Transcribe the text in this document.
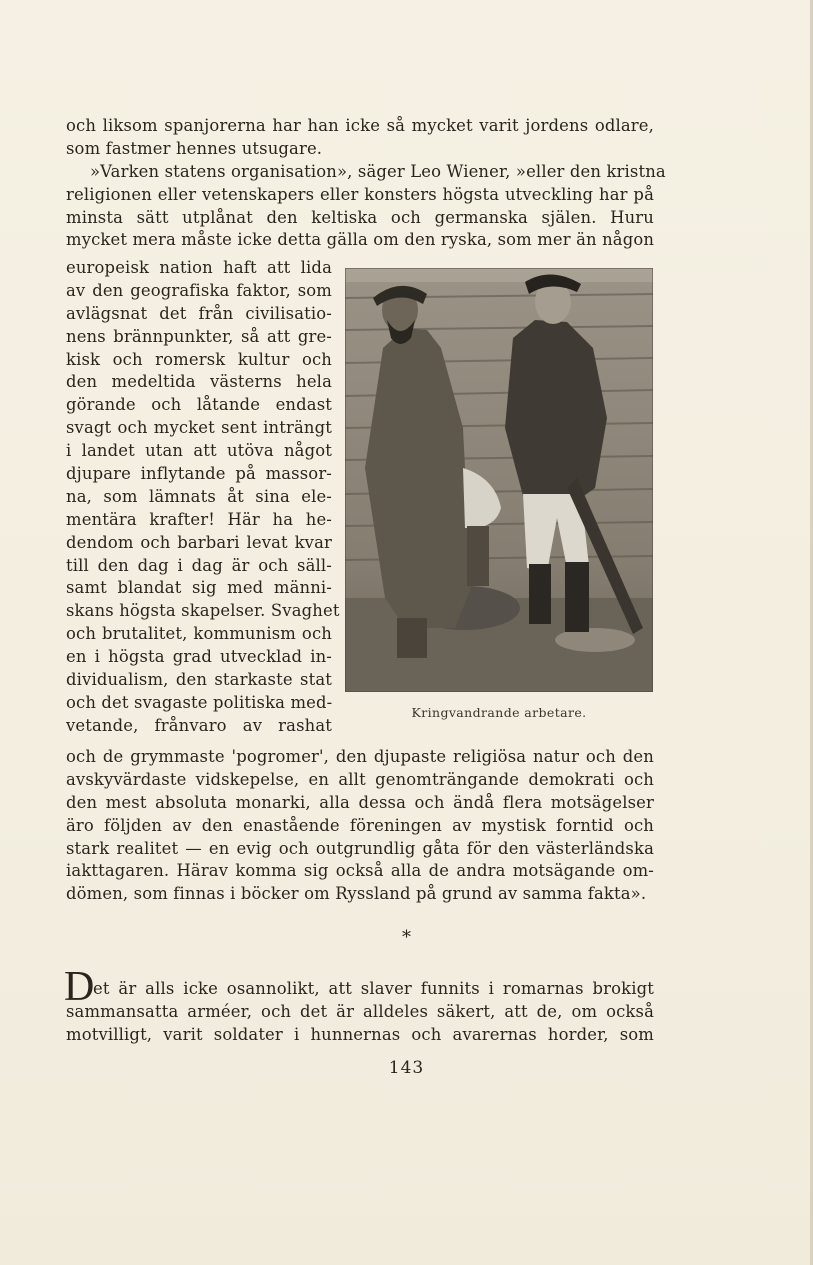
och liksom spanjorerna har han icke så mycket varit jordens odlare,
som fastmer hennes utsugare.
»Varken statens organisation», säger Leo Wiener, »eller den kristna
religionen eller vetenskapers eller konsters högsta utveckling har på
minsta sätt utplånat den keltiska och germanska själen. Huru
mycket mera måste icke detta gälla om den ryska, som mer än någon
europeisk nation haft att lida
av den geografiska faktor, som
avlägsnat det från civilisatio-
nens brännpunkter, så att gre-
kisk och romersk kultur och
den medeltida västerns hela
görande och låtande endast
svagt och mycket sent inträngt
i landet utan att utöva något
djupare inflytande på massor-
na, som lämnats åt sina ele-
mentära krafter! Här ha he-
dendom och barbari levat kvar
till den dag i dag är och säll-
samt blandat sig med männi-
skans högsta skapelser. Svaghet
och brutalitet, kommunism och
en i högsta grad utvecklad in-
dividualism, den starkaste stat
och det svagaste politiska med-
vetande, frånvaro av rashat
Kringvandrande arbetare.
och de grymmaste 'pogromer', den djupaste religiösa natur och den
avskyvärdaste vidskepelse, en allt genomträngande demokrati och
den mest absoluta monarki, alla dessa och ändå flera motsägelser
äro följden av den enastående föreningen av mystisk forntid och
stark realitet — en evig och outgrundlig gåta för den västerländska
iakttagaren. Härav komma sig också alla de andra motsägande om-
dömen, som finnas i böcker om Ryssland på grund av samma fakta».
*
D
et är alls icke osannolikt, att slaver funnits i romarnas brokigt
sammansatta arméer, och det är alldeles säkert, att de, om också
motvilligt, varit soldater i hunnernas och avarernas horder, som
143
